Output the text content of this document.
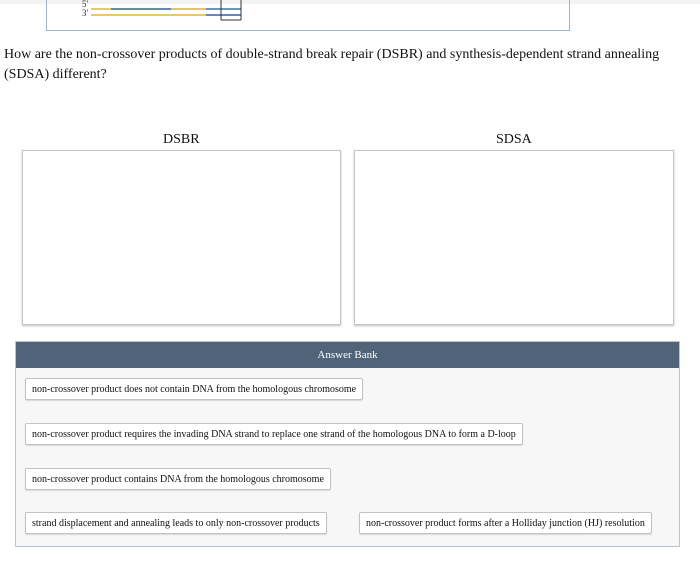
5'
3'

How are the non-crossover products of double-strand break repair (DSBR) and synthesis-dependent strand annealing (SDSA) different?

DSBR	SDSA
Answer Bank
non-crossover product does not contain DNA from the homologous chromosome
non-crossover product requires the invading DNA strand to replace one strand of the homologous DNA to form a D-loop
non-crossover product contains DNA from the homologous chromosome
strand displacement and annealing leads to only non-crossover products	non-crossover product forms after a Holliday junction (HJ) resolution
